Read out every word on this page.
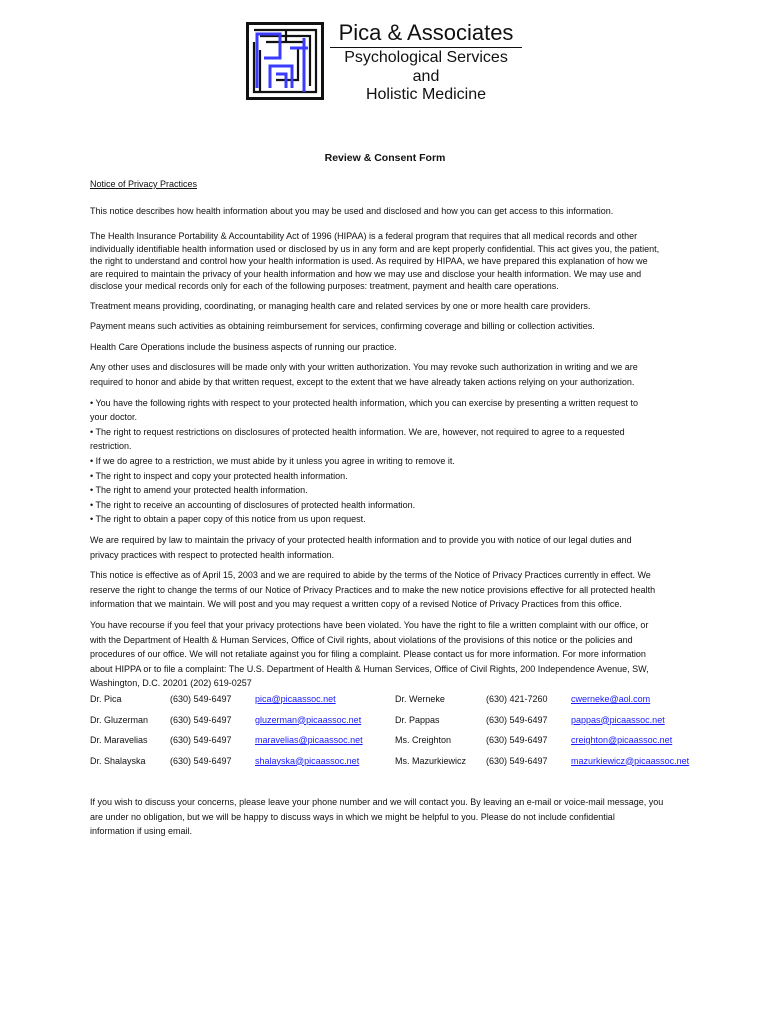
Pica & Associates
Psychological Services
and
Holistic Medicine
Review & Consent Form

Notice of Privacy Practices

This notice describes how health information about you may be used and disclosed and how you can get access to this information.

The Health Insurance Portability & Accountability Act of 1996 (HIPAA) is a federal program that requires that all medical records and other

individually identifiable health information used or disclosed by us in any form and are kept properly confidential. This act gives you, the patient,

the right to understand and control how your health information is used. As required by HIPAA, we have prepared this explanation of how we

are required to maintain the privacy of your health information and how we may use and disclose your health information. We may use and

disclose your medical records only for each of the following purposes: treatment, payment and health care operations.

Treatment means providing, coordinating, or managing health care and related services by one or more health care providers.

Payment means such activities as obtaining reimbursement for services, confirming coverage and billing or collection activities.

Health Care Operations include the business aspects of running our practice.

Any other uses and disclosures will be made only with your written authorization. You may revoke such authorization in writing and we are

required to honor and abide by that written request, except to the extent that we have already taken actions relying on your authorization.

• You have the following rights with respect to your protected health information, which you can exercise by presenting a written request to

your doctor.

• The right to request restrictions on disclosures of protected health information. We are, however, not required to agree to a requested

restriction.

• If we do agree to a restriction, we must abide by it unless you agree in writing to remove it.

• The right to inspect and copy your protected health information.

• The right to amend your protected health information.

• The right to receive an accounting of disclosures of protected health information.

• The right to obtain a paper copy of this notice from us upon request.

We are required by law to maintain the privacy of your protected health information and to provide you with notice of our legal duties and

privacy practices with respect to protected health information.

This notice is effective as of April 15, 2003 and we are required to abide by the terms of the Notice of Privacy Practices currently in effect. We

reserve the right to change the terms of our Notice of Privacy Practices and to make the new notice provisions effective for all protected health

information that we maintain. We will post and you may request a written copy of a revised Notice of Privacy Practices from this office.

You have recourse if you feel that your privacy protections have been violated. You have the right to file a written complaint with our office, or

with the Department of Health & Human Services, Office of Civil rights, about violations of the provisions of this notice or the policies and

procedures of our office. We will not retaliate against you for filing a complaint. Please contact us for more information. For more information

about HIPPA or to file a complaint: The U.S. Department of Health & Human Services, Office of Civil Rights, 200 Independence Avenue, SW,

Washington, D.C. 20201 (202) 619-0257

Dr. Pica	(630) 549-6497	pica@picaassoc.net	Dr. Werneke	(630) 421-7260	cwerneke@aol.com
Dr. Gluzerman (630) 549-6497	gluzerman@picaassoc.net	Dr. Pappas	(630) 549-6497	pappas@picaassoc.net
Dr. Maravelias (630) 549-6497	maravelias@picaassoc.net	Ms. Creighton	(630) 549-6497	creighton@picaassoc.net
Dr. Shalayska	(630) 549-6497	shalayska@picaassoc.net	Ms. Mazurkiewicz (630) 549-6497	mazurkiewicz@picaassoc.net

If you wish to discuss your concerns, please leave your phone number and we will contact you. By leaving an e-mail or voice-mail message, you

are under no obligation, but we will be happy to discuss ways in which we might be helpful to you. Please do not include confidential

information if using email.
